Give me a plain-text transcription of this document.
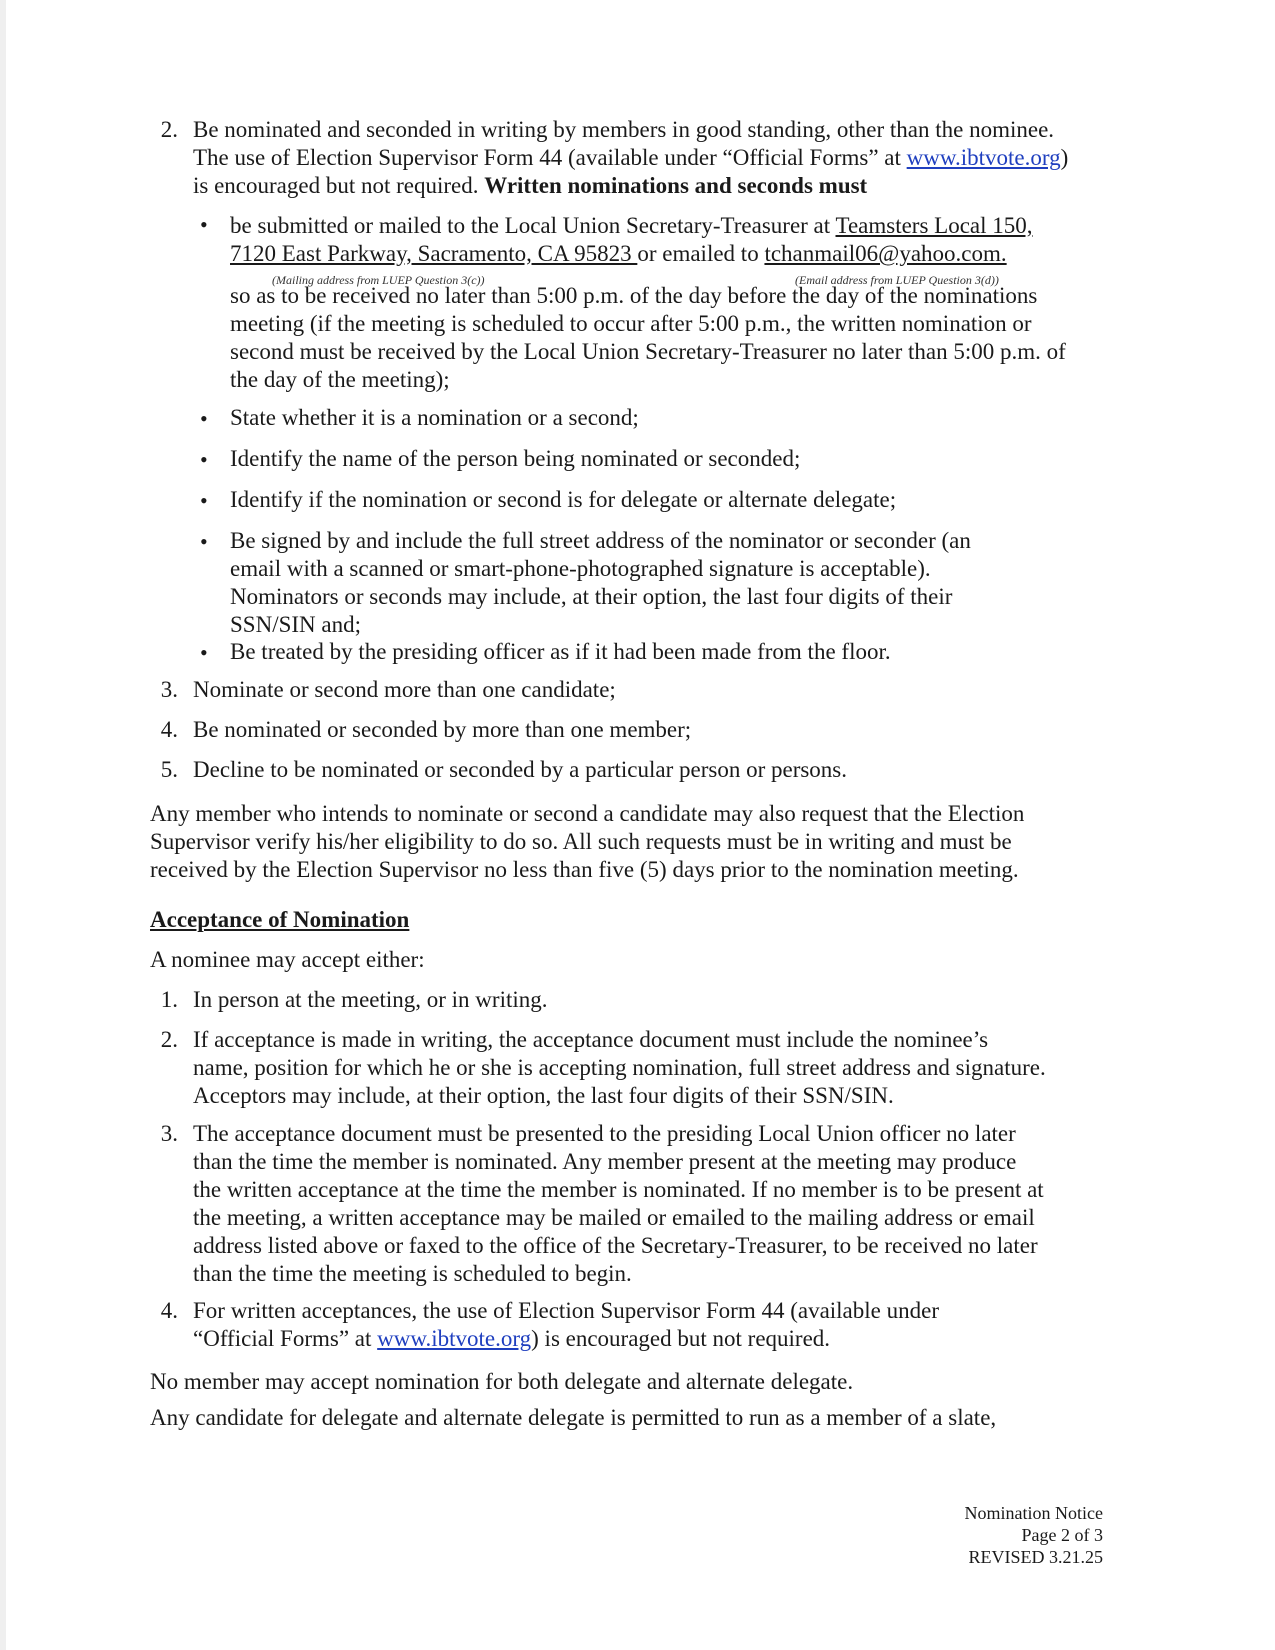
2. Be nominated and seconded in writing by members in good standing, other than the nominee.
The use of Election Supervisor Form 44 (available under “Official Forms” at www.ibtvote.org)
is encouraged but not required. Written nominations and seconds must
• be submitted or mailed to the Local Union Secretary-Treasurer at Teamsters Local 150,
7120 East Parkway, Sacramento, CA 95823 or emailed to tchanmail06@yahoo.com.
(Mailing address from LUEP Question 3(c))	(Email address from LUEP Question 3(d))
so as to be received no later than 5:00 p.m. of the day before the day of the nominations
meeting (if the meeting is scheduled to occur after 5:00 p.m., the written nomination or
second must be received by the Local Union Secretary-Treasurer no later than 5:00 p.m. of
the day of the meeting);
• State whether it is a nomination or a second;
• Identify the name of the person being nominated or seconded;
• Identify if the nomination or second is for delegate or alternate delegate;
• Be signed by and include the full street address of the nominator or seconder (an
email with a scanned or smart-phone-photographed signature is acceptable).
Nominators or seconds may include, at their option, the last four digits of their
SSN/SIN and;
• Be treated by the presiding officer as if it had been made from the floor.
3. Nominate or second more than one candidate;
4. Be nominated or seconded by more than one member;
5. Decline to be nominated or seconded by a particular person or persons.
Any member who intends to nominate or second a candidate may also request that the Election
Supervisor verify his/her eligibility to do so. All such requests must be in writing and must be
received by the Election Supervisor no less than five (5) days prior to the nomination meeting.
Acceptance of Nomination
A nominee may accept either:
1. In person at the meeting, or in writing.
2. If acceptance is made in writing, the acceptance document must include the nominee’s
name, position for which he or she is accepting nomination, full street address and signature.
Acceptors may include, at their option, the last four digits of their SSN/SIN.
3. The acceptance document must be presented to the presiding Local Union officer no later
than the time the member is nominated. Any member present at the meeting may produce
the written acceptance at the time the member is nominated. If no member is to be present at
the meeting, a written acceptance may be mailed or emailed to the mailing address or email
address listed above or faxed to the office of the Secretary-Treasurer, to be received no later
than the time the meeting is scheduled to begin.
4. For written acceptances, the use of Election Supervisor Form 44 (available under
“Official Forms” at www.ibtvote.org) is encouraged but not required.
No member may accept nomination for both delegate and alternate delegate.
Any candidate for delegate and alternate delegate is permitted to run as a member of a slate,
Nomination Notice
Page 2 of 3
REVISED 3.21.25
